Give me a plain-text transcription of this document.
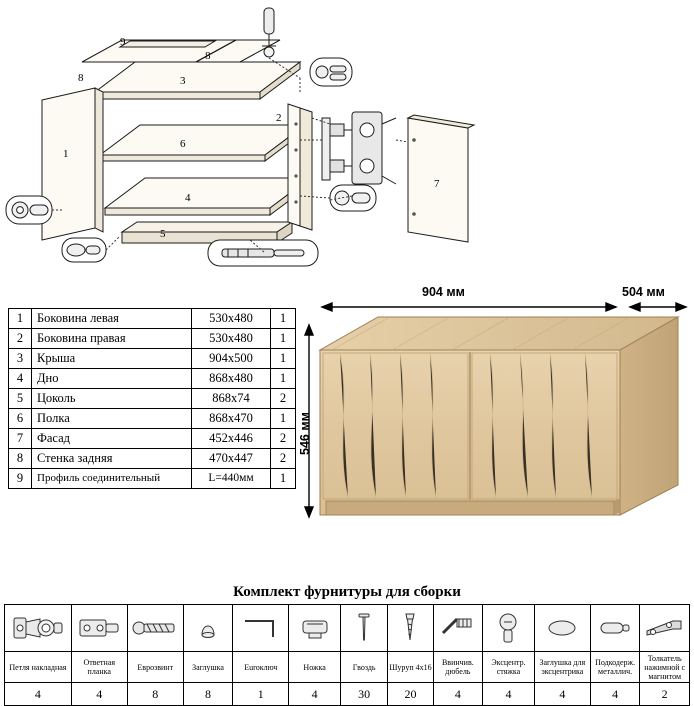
9
8
8
3
1
6
2
4
5
7
1	Боковина левая	530x480	1
2	Боковина правая	530x480	1
3	Крыша	904x500	1
4	Дно	868x480	1
5	Цоколь	868x74	2
6	Полка	868x470	1
7	Фасад	452x446	2
8	Стенка задняя	470x447	2
9	Профиль соединительный	L=440мм	1
904 мм	504 мм
546 мм
Комплект фурнитуры для сборки

Петля накладная	Ответная планка	Еврозвинт	Заглушка	Euroключ	Ножка	Гвоздь	Шуруп 4x16	Ввинчив. дюбель	Эксцентр. стяжка	Заглушка для эксцентрика	Подкодерж. металлич.	Толкатель нажимной с магнитом
4	4	8	8	1	4	30	20	4	4	4	4	2
